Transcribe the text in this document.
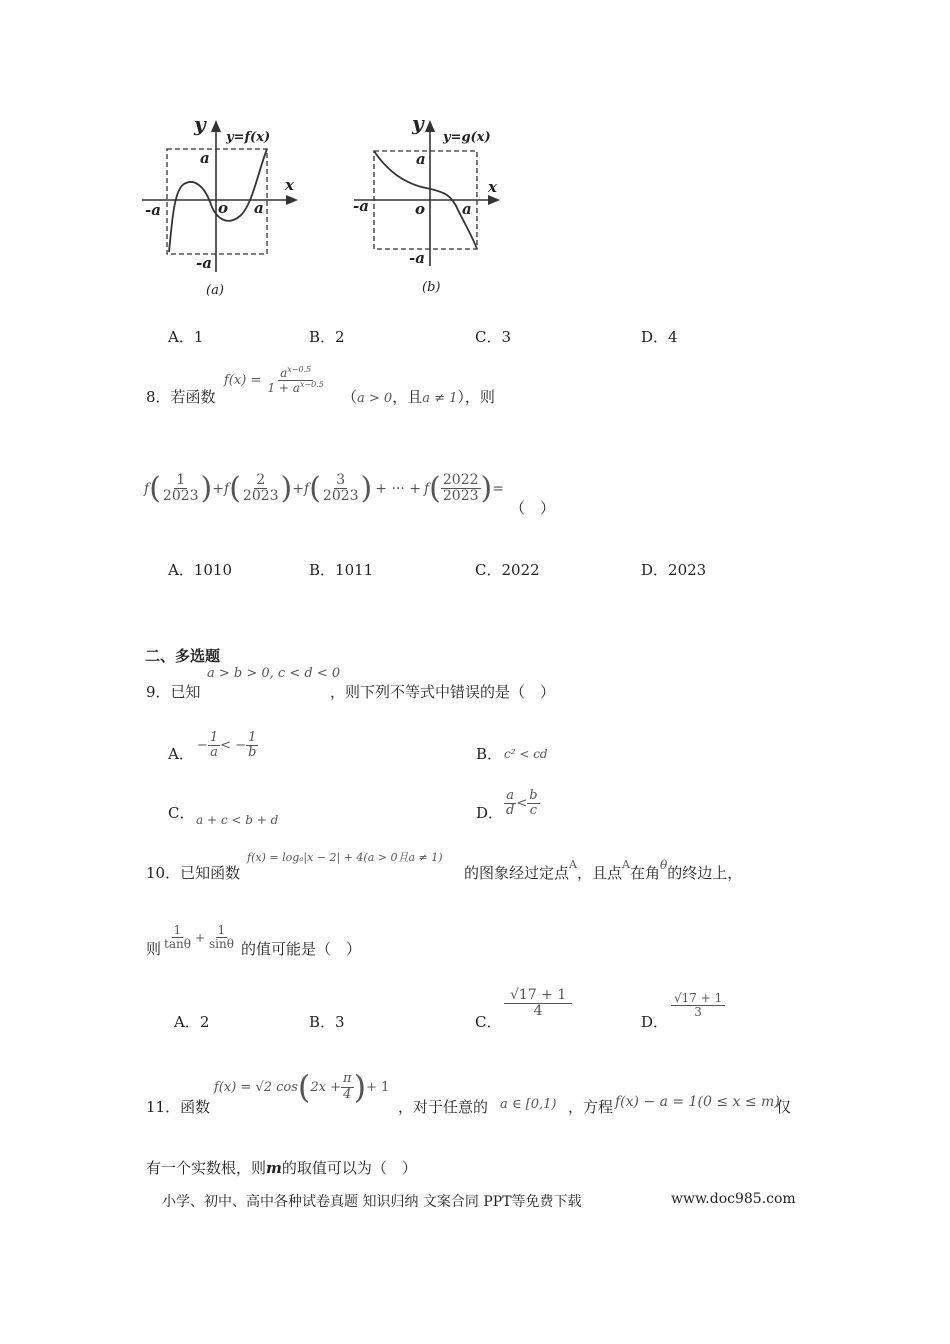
y
y=f(x)
a
x
-a	o a
-a
(a)
y
y=g(x)
a
x
-a	o a
-a
(b)
A．1	B．2	C．3	D．4
8．若函数
$f(x) = \frac{a^{x-0.5}}{1 + a^{x-0.5}}$
（a > 0，且a ≠ 1），则
f ( $\frac{1}{2023}$ ) + f ( $\frac{2}{2023}$ ) + f ( $\frac{3}{2023}$ ) + ··· + f ( $\frac{2022}{2023}$ ) =
（　）
A．1010	B．1011	C．2022	D．2023
二、多选题
a > b > 0, c < d < 0
9．已知	，则下列不等式中错误的是（　）
A． − $\frac{1}{a}$ < − $\frac{1}{b}$	B． c² < cd
C． a + c < b + d	D． $\frac{a}{d} < \frac{b}{c}$
10．已知函数
f(x) = logₐ|x − 2| + 4(a > 0且a ≠ 1)
的图象经过定点$^A$，且点$^A$在角$^\theta$的终边上，
则 $\frac{1}{\tan\theta} + \frac{1}{\sin\theta}$ 的值可能是（　）
A．2	B．3	C．
$\frac{√17 + 1}{4}$
D．
$\frac{√17 + 1}{3}$
11．函数
f(x) = √2 cos ( $2x + \frac{\pi}{4}$ ) + 1
，对于任意的 a ∈ [0,1) ，方程 f(x) − a = 1(0 ≤ x ≤ m)
仅
有一个实数根，则m的取值可以为（　）
小学、初中、高中各种试卷真题 知识归纳 文案合同 PPT等免费下载	www.doc985.com
